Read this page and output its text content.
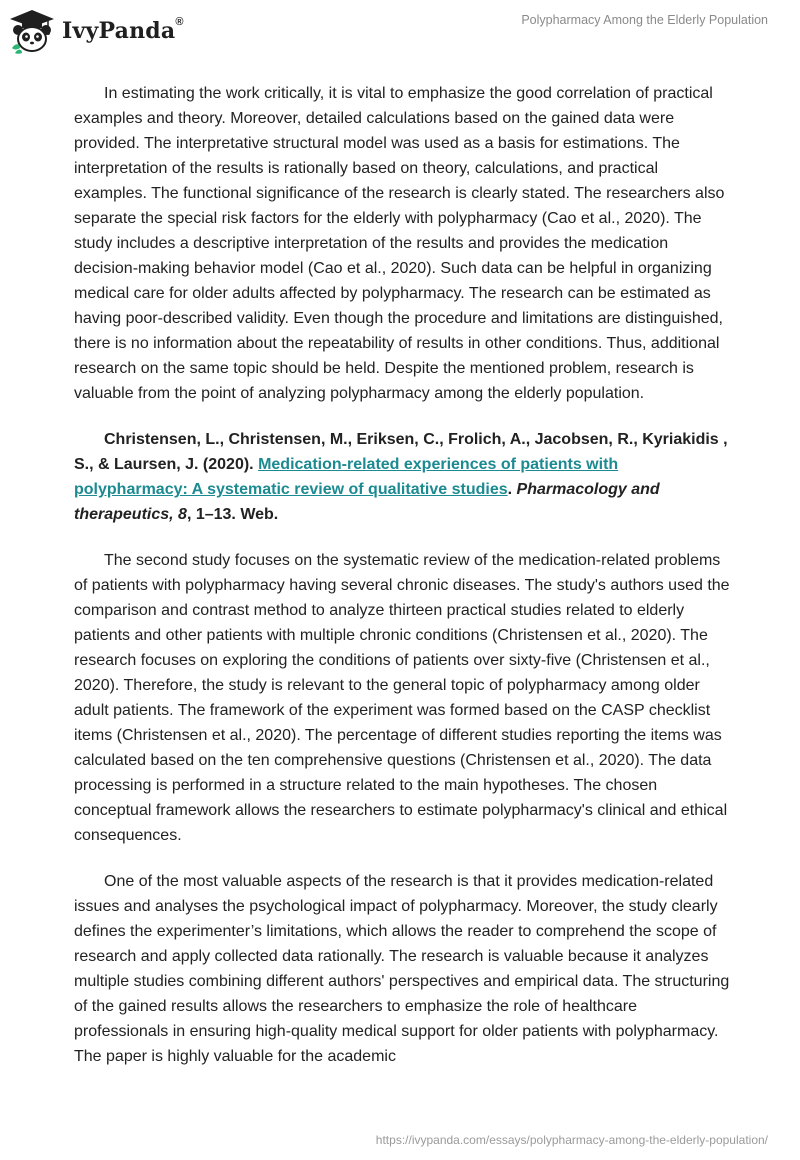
IvyPanda®	Polypharmacy Among the Elderly Population

In estimating the work critically, it is vital to emphasize the good correlation of practical examples and theory. Moreover, detailed calculations based on the gained data were provided. The interpretative structural model was used as a basis for estimations. The interpretation of the results is rationally based on theory, calculations, and practical examples. The functional significance of the research is clearly stated. The researchers also separate the special risk factors for the elderly with polypharmacy (Cao et al., 2020). The study includes a descriptive interpretation of the results and provides the medication decision-making behavior model (Cao et al., 2020). Such data can be helpful in organizing medical care for older adults affected by polypharmacy. The research can be estimated as having poor-described validity. Even though the procedure and limitations are distinguished, there is no information about the repeatability of results in other conditions. Thus, additional research on the same topic should be held. Despite the mentioned problem, research is valuable from the point of analyzing polypharmacy among the elderly population.

Christensen, L., Christensen, M., Eriksen, C., Frolich, A., Jacobsen, R., Kyriakidis , S., & Laursen, J. (2020). Medication-related experiences of patients with polypharmacy: A systematic review of qualitative studies. Pharmacology and therapeutics, 8, 1–13. Web.

The second study focuses on the systematic review of the medication-related problems of patients with polypharmacy having several chronic diseases. The study's authors used the comparison and contrast method to analyze thirteen practical studies related to elderly patients and other patients with multiple chronic conditions (Christensen et al., 2020). The research focuses on exploring the conditions of patients over sixty-five (Christensen et al., 2020). Therefore, the study is relevant to the general topic of polypharmacy among older adult patients. The framework of the experiment was formed based on the CASP checklist items (Christensen et al., 2020). The percentage of different studies reporting the items was calculated based on the ten comprehensive questions (Christensen et al., 2020). The data processing is performed in a structure related to the main hypotheses. The chosen conceptual framework allows the researchers to estimate polypharmacy's clinical and ethical consequences.

One of the most valuable aspects of the research is that it provides medication-related issues and analyses the psychological impact of polypharmacy. Moreover, the study clearly defines the experimenter’s limitations, which allows the reader to comprehend the scope of research and apply collected data rationally. The research is valuable because it analyzes multiple studies combining different authors' perspectives and empirical data. The structuring of the gained results allows the researchers to emphasize the role of healthcare professionals in ensuring high-quality medical support for older patients with polypharmacy. The paper is highly valuable for the academic

https://ivypanda.com/essays/polypharmacy-among-the-elderly-population/
